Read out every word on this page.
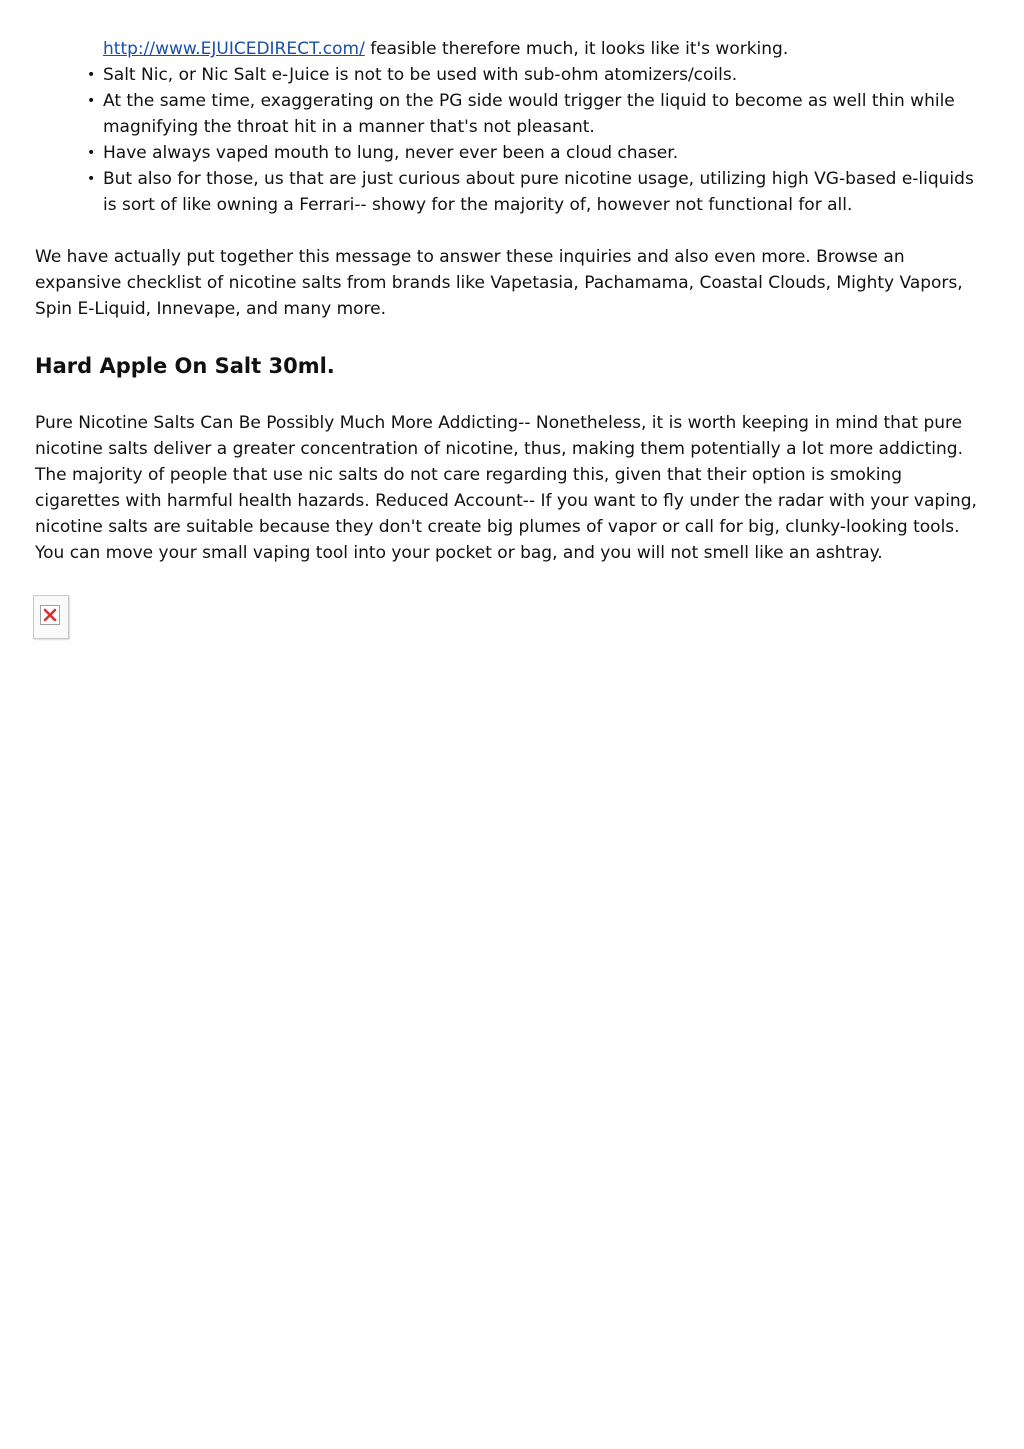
http://www.EJUICEDIRECT.com/ feasible therefore much, it looks like it's working.
• Salt Nic, or Nic Salt e-Juice is not to be used with sub-ohm atomizers/coils.
• At the same time, exaggerating on the PG side would trigger the liquid to become as well thin while magnifying the throat hit in a manner that's not pleasant.
• Have always vaped mouth to lung, never ever been a cloud chaser.
• But also for those, us that are just curious about pure nicotine usage, utilizing high VG-based e-liquids is sort of like owning a Ferrari-- showy for the majority of, however not functional for all.

We have actually put together this message to answer these inquiries and also even more. Browse an expansive checklist of nicotine salts from brands like Vapetasia, Pachamama, Coastal Clouds, Mighty Vapors, Spin E-Liquid, Innevape, and many more.

Hard Apple On Salt 30ml.

Pure Nicotine Salts Can Be Possibly Much More Addicting-- Nonetheless, it is worth keeping in mind that pure nicotine salts deliver a greater concentration of nicotine, thus, making them potentially a lot more addicting. The majority of people that use nic salts do not care regarding this, given that their option is smoking cigarettes with harmful health hazards. Reduced Account-- If you want to fly under the radar with your vaping, nicotine salts are suitable because they don't create big plumes of vapor or call for big, clunky-looking tools. You can move your small vaping tool into your pocket or bag, and you will not smell like an ashtray.
